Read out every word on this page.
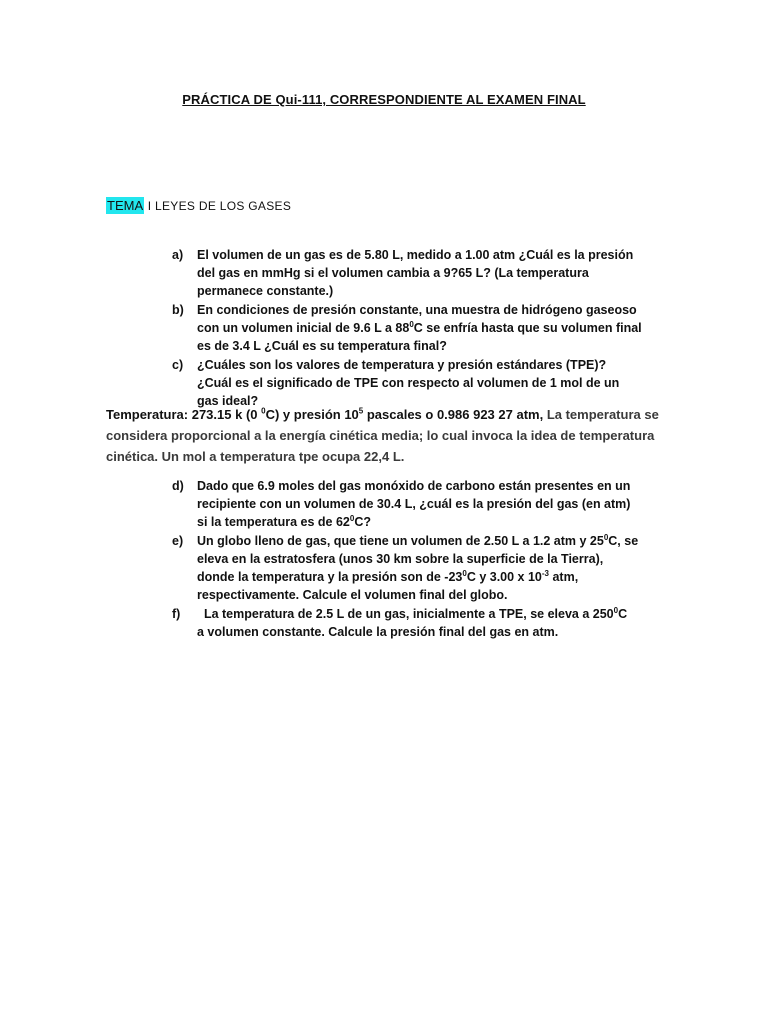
PRÁCTICA DE Qui-111, CORRESPONDIENTE AL EXAMEN FINAL
TEMA I LEYES DE LOS GASES
a)	El volumen de un gas es de 5.80 L, medido a 1.00 atm ¿Cuál es la presión del gas en mmHg si el volumen cambia a 9?65 L? (La temperatura permanece constante.)
b)	En condiciones de presión constante, una muestra de hidrógeno gaseoso con un volumen inicial de 9.6 L a $88^0C$ se enfría hasta que su volumen final es de 3.4 L ¿Cuál es su temperatura final?
c)	¿Cuáles son los valores de temperatura y presión estándares (TPE)? ¿Cuál es el significado de TPE con respecto al volumen de 1 mol de un gas ideal?
Temperatura: 273.15 k (0 $^0$C) y presión $10^5$ pascales o 0.986 923 27 atm, La temperatura se considera proporcional a la energía cinética media; lo cual invoca la idea de temperatura cinética. Un mol a temperatura tpe ocupa 22,4 L.
d)	Dado que 6.9 moles del gas monóxido de carbono están presentes en un recipiente con un volumen de 30.4 L, ¿cuál es la presión del gas (en atm) si la temperatura es de $62^0C$?
e)	Un globo lleno de gas, que tiene un volumen de 2.50 L a 1.2 atm y $25^0C$, se eleva en la estratosfera (unos 30 km sobre la superficie de la Tierra), donde la temperatura y la presión son de $-23^0C$ y 3.00 x $10^{-3}$ atm, respectivamente. Calcule el volumen final del globo.
f)	La temperatura de 2.5 L de un gas, inicialmente a TPE, se eleva a $250^0C$   a volumen constante. Calcule la presión final del gas en atm.
